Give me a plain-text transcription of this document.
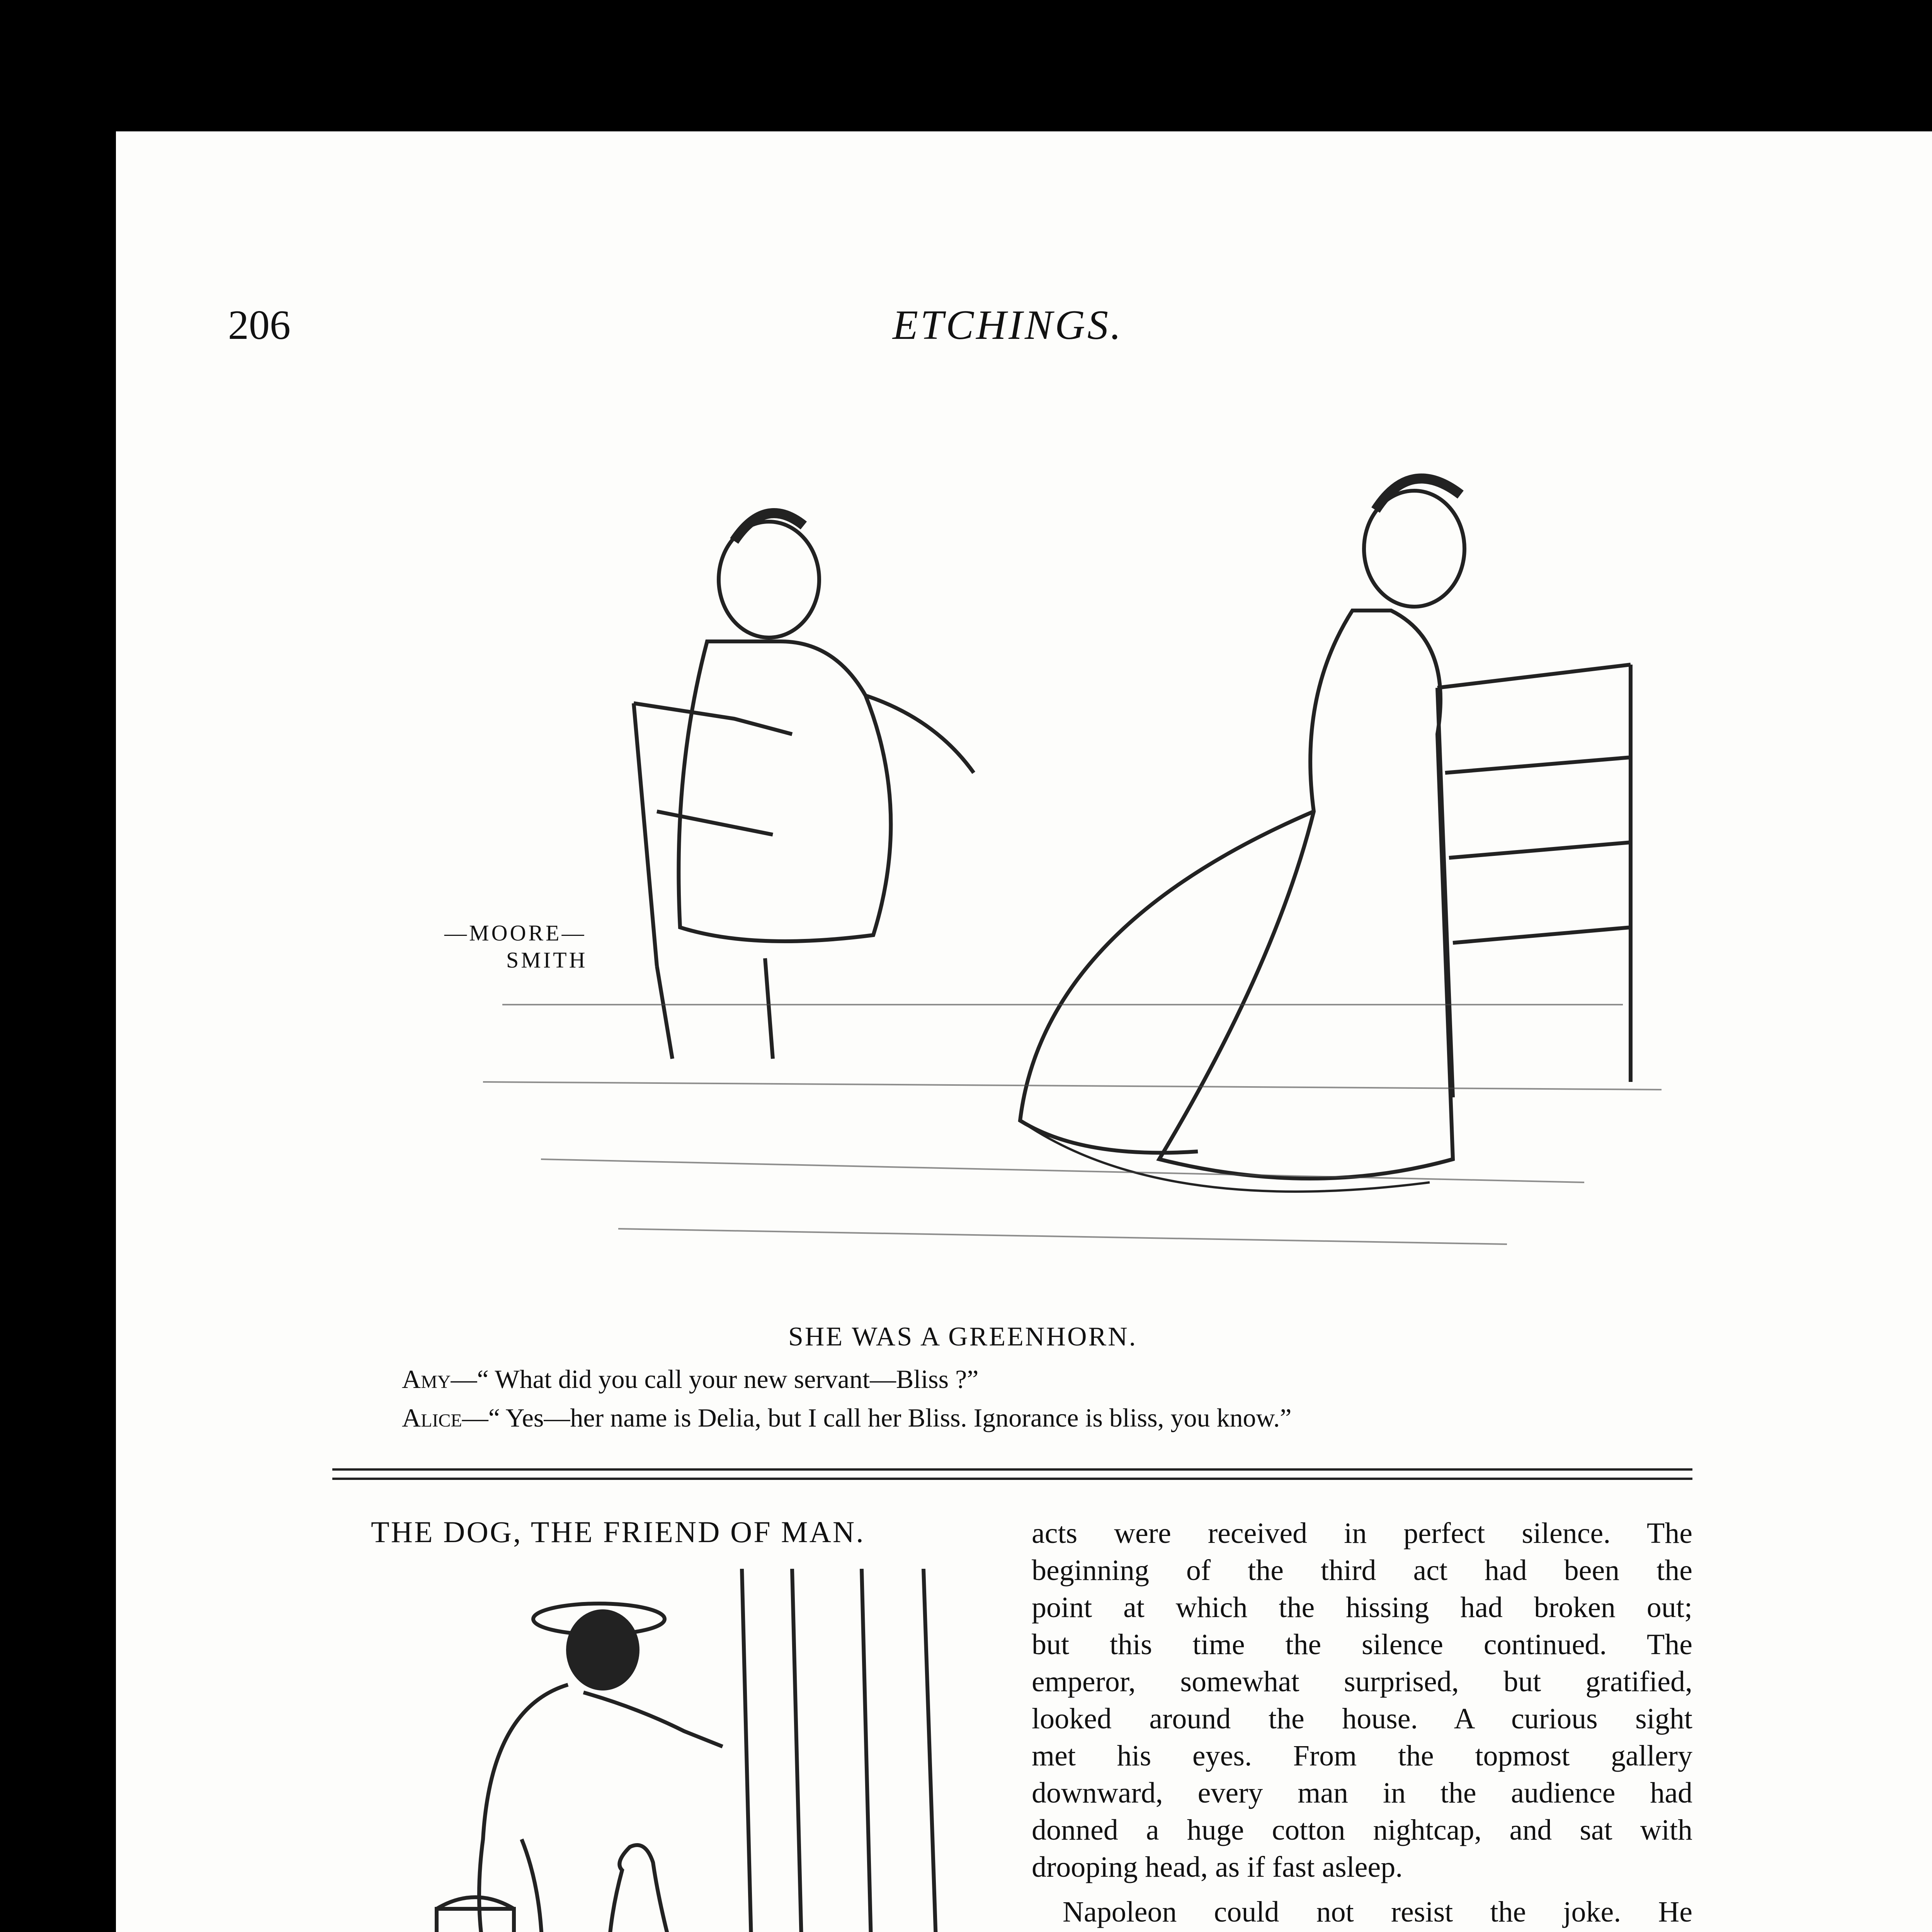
206	ETCHINGS.
—MOORE—
SMITH
SHE WAS A GREENHORN.
Amy—“ What did you call your new servant—Bliss ?”
Alice—“ Yes—her name is Delia, but I call her Bliss. Ignorance is bliss, you know.”
THE DOG, THE FRIEND OF MAN.	acts were received in perfect silence. The
beginning of the third act had been the
point at which the hissing had broken out;
but this time the silence continued. The
emperor, somewhat surprised, but gratified,
looked around the house. A curious sight
met his eyes. From the topmost gallery
downward, every man in the audience had
donned a huge cotton nightcap, and sat with
drooping head, as if fast asleep.
Napoleon could not resist the joke. He
